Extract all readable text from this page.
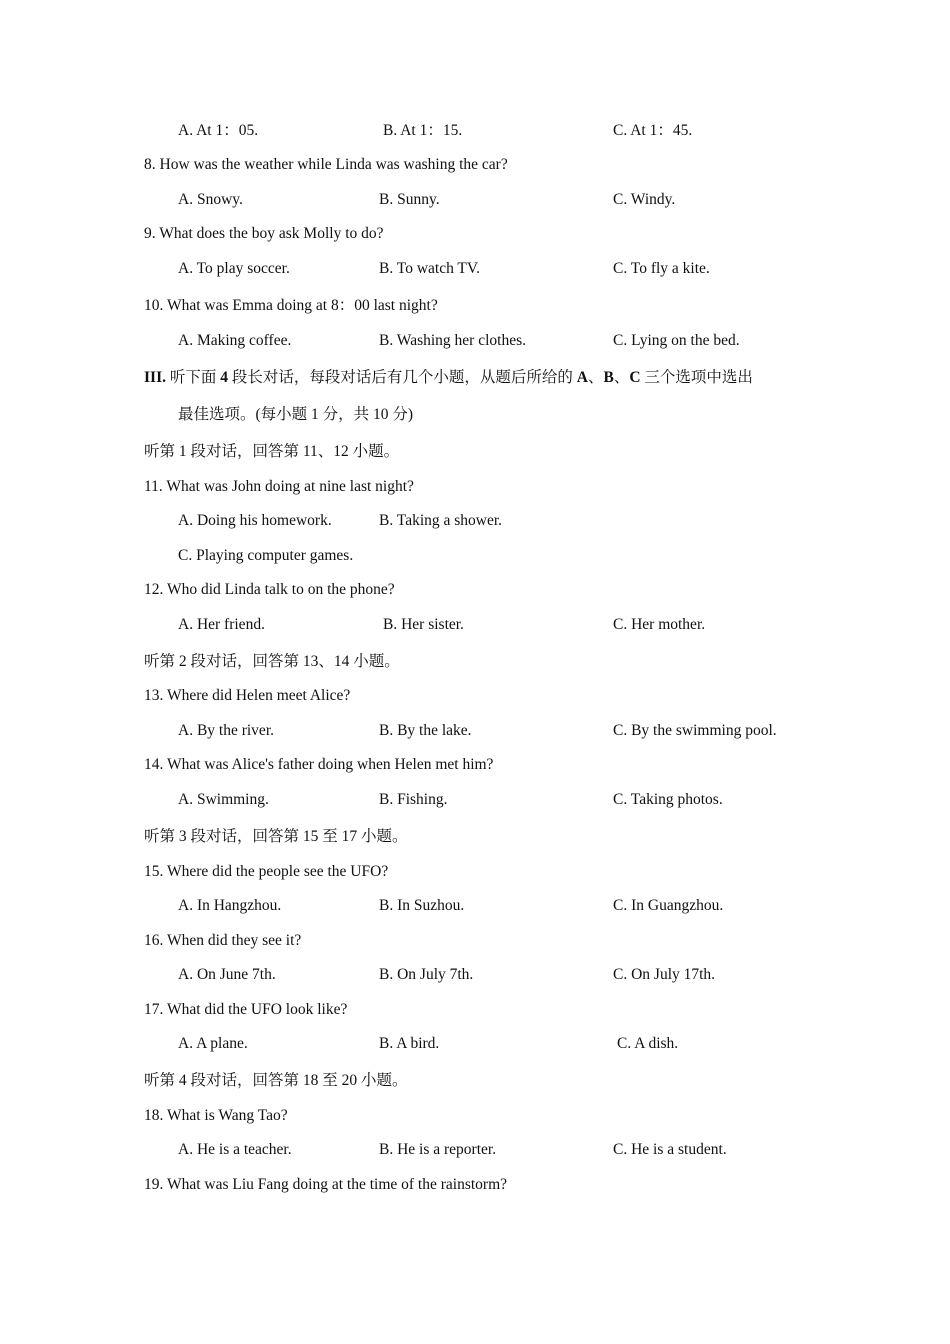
A. At 1：05.	B. At 1：15.	C. At 1：45.
8. How was the weather while Linda was washing the car?
A. Snowy.	B. Sunny.	C. Windy.
9. What does the boy ask Molly to do?
A. To play soccer.	B. To watch TV.	C. To fly a kite.
10. What was Emma doing at 8：00 last night?
A. Making coffee.	B. Washing her clothes.	C. Lying on the bed.
III. 听下面 4 段长对话，每段对话后有几个小题，从题后所给的 A、B、C 三个选项中选出
最佳选项。(每小题 1 分，共 10 分)
听第 1 段对话，回答第 11、12 小题。
11. What was John doing at nine last night?
A. Doing his homework.	B. Taking a shower.
C. Playing computer games.
12. Who did Linda talk to on the phone?
A. Her friend.	B. Her sister.	C. Her mother.
听第 2 段对话，回答第 13、14 小题。
13. Where did Helen meet Alice?
A. By the river.	B. By the lake.	C. By the swimming pool.
14. What was Alice's father doing when Helen met him?
A. Swimming.	B. Fishing.	C. Taking photos.
听第 3 段对话，回答第 15 至 17 小题。
15. Where did the people see the UFO?
A. In Hangzhou.	B. In Suzhou.	C. In Guangzhou.
16. When did they see it?
A. On June 7th.	B. On July 7th.	C. On July 17th.
17. What did the UFO look like?
A. A plane.	B. A bird.	C. A dish.
听第 4 段对话，回答第 18 至 20 小题。
18. What is Wang Tao?
A. He is a teacher.	B. He is a reporter.	C. He is a student.
19. What was Liu Fang doing at the time of the rainstorm?
